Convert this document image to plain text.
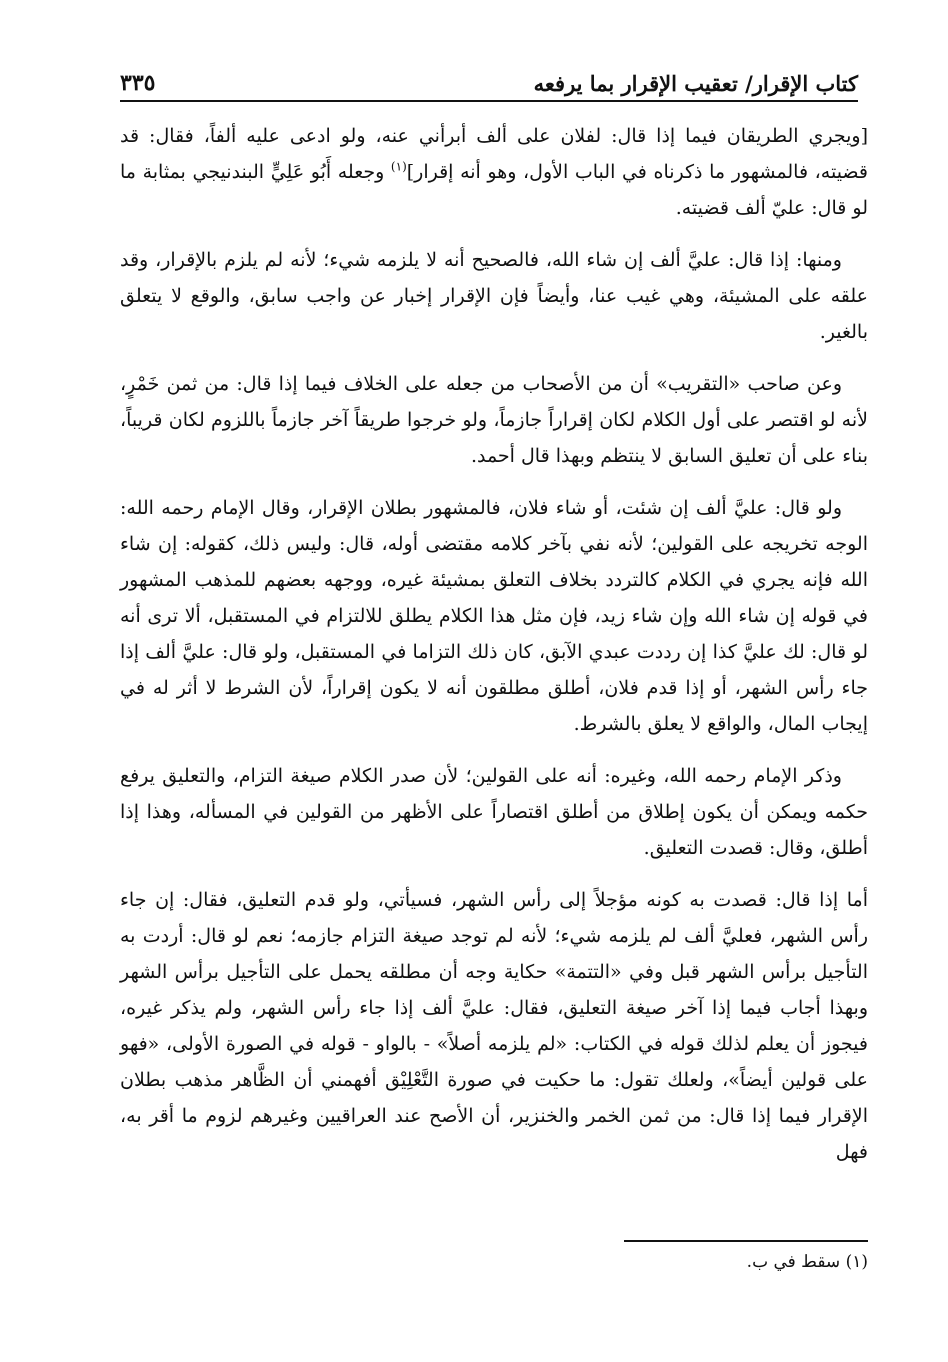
كتاب الإقرار/ تعقيب الإقرار بما يرفعه
٣٣٥

[ويجري الطريقان فيما إذا قال: لفلان على ألف أبرأني عنه، ولو ادعى عليه ألفاً، فقال: قد قضيته، فالمشهور ما ذكرناه في الباب الأول، وهو أنه إقرار]$^{(١)}$ وجعله أَبُو عَلِيٍّ البندنيجي بمثابة ما لو قال: عليّ ألف قضيته.

ومنها: إذا قال: عليَّ ألف إن شاء الله، فالصحيح أنه لا يلزمه شيء؛ لأنه لم يلزم بالإقرار، وقد علقه على المشيئة، وهي غيب عنا، وأيضاً فإن الإقرار إخبار عن واجب سابق، والوقع لا يتعلق بالغير.

وعن صاحب «التقريب» أن من الأصحاب من جعله على الخلاف فيما إذا قال: من ثمن خَمْرٍ، لأنه لو اقتصر على أول الكلام لكان إقراراً جازماً، ولو خرجوا طريقاً آخر جازماً باللزوم لكان قريباً، بناء على أن تعليق السابق لا ينتظم وبهذا قال أحمد.

ولو قال: عليَّ ألف إن شئت، أو شاء فلان، فالمشهور بطلان الإقرار، وقال الإمام رحمه الله: الوجه تخريجه على القولين؛ لأنه نفي بآخر كلامه مقتضى أوله، قال: وليس ذلك، كقوله: إن شاء الله فإنه يجري في الكلام كالتردد بخلاف التعلق بمشيئة غيره، ووجهه بعضهم للمذهب المشهور في قوله إن شاء الله وإن شاء زيد، فإن مثل هذا الكلام يطلق للالتزام في المستقبل، ألا ترى أنه لو قال: لك عليَّ كذا إن رددت عبدي الآبق، كان ذلك التزاما في المستقبل، ولو قال: عليَّ ألف إذا جاء رأس الشهر، أو إذا قدم فلان، أطلق مطلقون أنه لا يكون إقراراً، لأن الشرط لا أثر له في إيجاب المال، والواقع لا يعلق بالشرط.

وذكر الإمام رحمه الله، وغيره: أنه على القولين؛ لأن صدر الكلام صيغة التزام، والتعليق يرفع حكمه ويمكن أن يكون إطلاق من أطلق اقتصاراً على الأظهر من القولين في المسأله، وهذا إذا أطلق، وقال: قصدت التعليق.

أما إذا قال: قصدت به كونه مؤجلاً إلى رأس الشهر، فسيأتي، ولو قدم التعليق، فقال: إن جاء رأس الشهر، فعليَّ ألف لم يلزمه شيء؛ لأنه لم توجد صيغة التزام جازمه؛ نعم لو قال: أردت به التأجيل برأس الشهر قبل وفي «التتمة» حكاية وجه أن مطلقه يحمل على التأجيل برأس الشهر وبهذا أجاب فيما إذا آخر صيغة التعليق، فقال: عليَّ ألف إذا جاء رأس الشهر، ولم يذكر غيره، فيجوز أن يعلم لذلك قوله في الكتاب: «لم يلزمه أصلاً» - بالواو - قوله في الصورة الأولى، «فهو على قولين أيضاً»، ولعلك تقول: ما حكيت في صورة التَّعْلِيْق أفهمني أن الظَّاهر مذهب بطلان الإقرار فيما إذا قال: من ثمن الخمر والخنزير، أن الأصح عند العراقيين وغيرهم لزوم ما أقر به، فهل

(١) سقط في ب.
